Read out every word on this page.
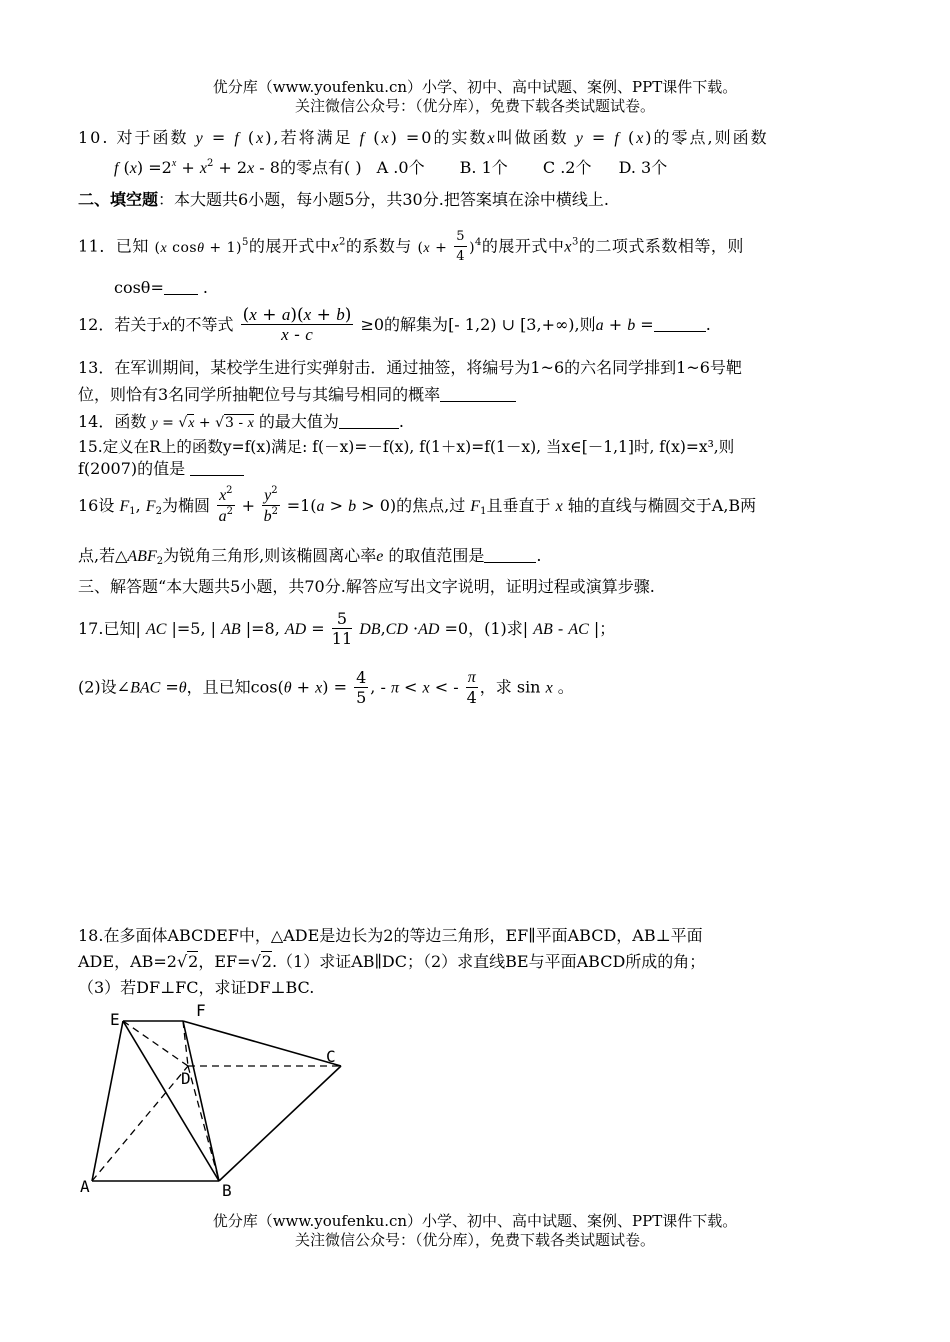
优分库（www.youfenku.cn）小学、初中、高中试题、案例、PPT课件下载。
关注微信公众号：（优分库），免费下载各类试题试卷。
10. 对于函数 y = f (x),若将满足 f (x) =0的实数x叫做函数 y = f (x)的零点,则函数
f $(x) =2^x + x^2 + 2x - 8$的零点有( ) A .0个 B. 1个 C .2个 D. 3个
二、填空题：本大题共6小题，每小题5分，共30分.把答案填在涂中横线上.
11．已知 (x cosθ + 1)$^5$的展开式中$x^2$的系数与 $(x + \frac{5}{4} )^4$的展开式中$x^3$的二项式系数相等，则
cosθ= .
12．若关于x的不等式 $\frac{(x + a)(x + b)}{x - c} \ge 0$的解集为[- 1,2) ∪ [3,+∞),则a + b =	.
13．在军训期间，某校学生进行实弹射击．通过抽签，将编号为1~6的六名同学排到1~6号靶
位，则恰有3名同学所抽靶位号与其编号相同的概率
14．函数 y = √x + √3 - x 的最大值为	.
15.定义在R上的函数y=f(x)满足: f(－x)=－f(x), f(1＋x)=f(1－x), 当x∈[－1,1]时, f(x)=x³,则
f(2007)的值是
16设 $F_1$, $F_2$为椭圆 $\frac{x^2}{a^2} + \frac{y^2}{b^2} =1(a > b > 0)$的焦点,过 $F_1$且垂直于 x 轴的直线与椭圆交于A,B两
点,若$\triangle ABF_2$为锐角三角形,则该椭圆离心率e 的取值范围是	.
三、解答题“本大题共5小题，共70分.解答应写出文字说明，证明过程或演算步骤.
17.已知| AC |=5, | AB |=8, AD = $\frac{5}{11} DB,CD \cdot AD =0$，(1)求| AB - AC |；
(2)设∠BAC =θ，且已知$\cos(\theta + x) = \frac{4}{5}$ , - π < x < - $\frac{\pi}{4}$ ，求 sin x 。
18.在多面体ABCDEF中，△ADE是边长为2的等边三角形，EF∥平面ABCD，AB⊥平面
ADE，AB=2√2，EF=√2.（1）求证AB∥DC；（2）求直线BE与平面ABCD所成的角；
（3）若DF⊥FC，求证DF⊥BC.
E	F
C
D
A	B
优分库（www.youfenku.cn）小学、初中、高中试题、案例、PPT课件下载。
关注微信公众号：（优分库），免费下载各类试题试卷。
